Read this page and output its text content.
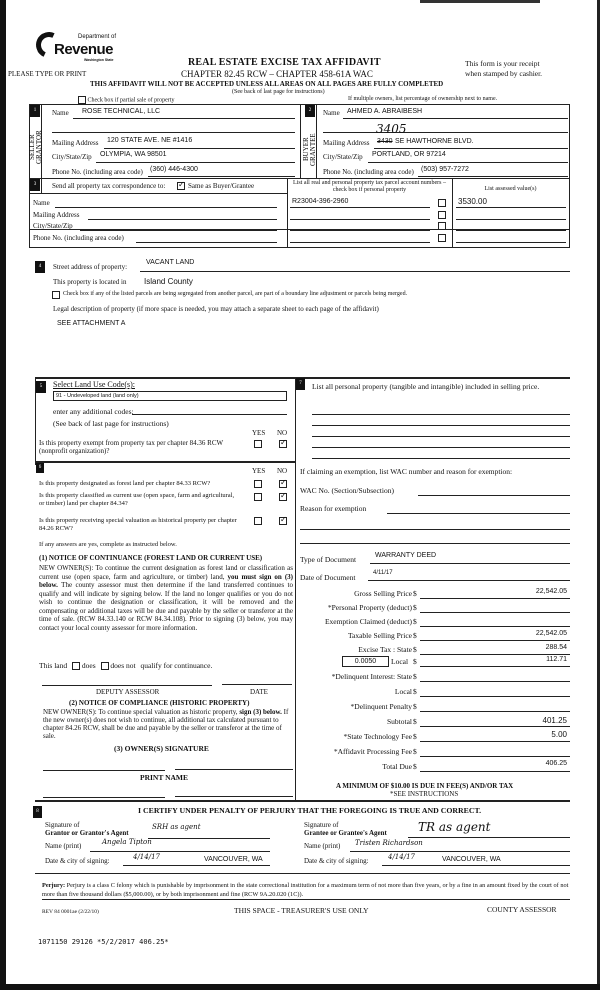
Department of
Revenue
Washington State
PLEASE TYPE OR PRINT
REAL ESTATE EXCISE TAX AFFIDAVIT
CHAPTER 82.45 RCW – CHAPTER 458-61A WAC
This form is your receipt
when stamped by cashier.
THIS AFFIDAVIT WILL NOT BE ACCEPTED UNLESS ALL AREAS ON ALL PAGES ARE FULLY COMPLETED
(See back of last page for instructions)
Check box if partial sale of property	If multiple owners, list percentage of ownership next to name.
1
SELLER GRANTOR
Name ROSE TECHNICAL, LLC
Mailing Address 120 STATE AVE. NE #1416
City/State/Zip OLYMPIA, WA 98501
Phone No. (including area code) (360) 446-4300
2
BUYER GRANTEE
Name AHMED A. ABRAIBESH
3405
Mailing Address 3430 SE HAWTHORNE BLVD.
City/State/Zip PORTLAND, OR 97214
Phone No. (including area code) (503) 957-7272
3	Send all property tax correspondence to: ✓	Same as Buyer/Grantee
Name
Mailing Address
City/State/Zip
Phone No. (including area code)
List all real and personal property tax parcel account numbers – check box if personal property	List assessed value(s)
R23004-396-2960	3530.00
4	Street address of property:
VACANT LAND
This property is located in Island County
Check box if any of the listed parcels are being segregated from another parcel, are part of a boundary line adjustment or parcels being merged.
Legal description of property (if more space is needed, you may attach a separate sheet to each page of the affidavit)
SEE ATTACHMENT A
5	Select Land Use Code(s):
91 - Undeveloped land (land only)
enter any additional codes:
(See back of last page for instructions)
YES NO
Is this property exempt from property tax per chapter 84.36 RCW (nonprofit organization)?
✓
6	YES NO
Is this property designated as forest land per chapter 84.33 RCW?
✓
Is this property classified as current use (open space, farm and agricultural, or timber) land per chapter 84.34?
✓
Is this property receiving special valuation as historical property per chapter 84.26 RCW?
✓
If any answers are yes, complete as instructed below.
(1) NOTICE OF CONTINUANCE (FOREST LAND OR CURRENT USE)
NEW OWNER(S): To continue the current designation as forest land or classification as current use (open space, farm and agriculture, or timber) land, you must sign on (3) below. The county assessor must then determine if the land transferred continues to qualify and will indicate by signing below. If the land no longer qualifies or you do not wish to continue the designation or classification, it will be removed and the compensating or additional taxes will be due and payable by the seller or transferor at the time of sale. (RCW 84.33.140 or RCW 84.34.108). Prior to signing (3) below, you may contact your local county assessor for more information.
This land does does not qualify for continuance.
DEPUTY ASSESSOR	DATE
(2) NOTICE OF COMPLIANCE (HISTORIC PROPERTY)
NEW OWNER(S): To continue special valuation as historic property, sign (3) below. If the new owner(s) does not wish to continue, all additional tax calculated pursuant to chapter 84.26 RCW, shall be due and payable by the seller or transferor at the time of sale.
(3) OWNER(S) SIGNATURE
PRINT NAME
7	List all personal property (tangible and intangible) included in selling price.
If claiming an exemption, list WAC number and reason for exemption:
WAC No. (Section/Subsection)
Reason for exemption
Type of Document	WARRANTY DEED
Date of Document	4/11/17
Gross Selling Price $	22,542.05
*Personal Property (deduct) $
Exemption Claimed (deduct) $
Taxable Selling Price $	22,542.05
Excise Tax : State $	288.54
0.0050	Local $	112.71
*Delinquent Interest: State $
Local $
*Delinquent Penalty $
Subtotal $	401.25
*State Technology Fee $	5.00
*Affidavit Processing Fee $
Total Due $	406.25
A MINIMUM OF $10.00 IS DUE IN FEE(S) AND/OR TAX
*SEE INSTRUCTIONS
8	I CERTIFY UNDER PENALTY OF PERJURY THAT THE FOREGOING IS TRUE AND CORRECT.
Signature of
Grantor or Grantor's Agent
SRH as agent
Name (print)	Angela Tipton
Date & city of signing:	4/14/17	VANCOUVER, WA
Signature of
Grantee or Grantee's Agent	TR as agent
Name (print) Tristen Richardson
Date & city of signing:	4/14/17	VANCOUVER, WA
Perjury: Perjury is a class C felony which is punishable by imprisonment in the state correctional institution for a maximum term of not more than five years, or by a fine in an amount fixed by the court of not more than five thousand dollars ($5,000.00), or by both imprisonment and fine (RCW 9A.20.020 (1C)).
REV 84 0001ae (2/22/10)	THIS SPACE - TREASURER'S USE ONLY	COUNTY ASSESSOR
1071150 29126 *5/2/2017 406.25*
